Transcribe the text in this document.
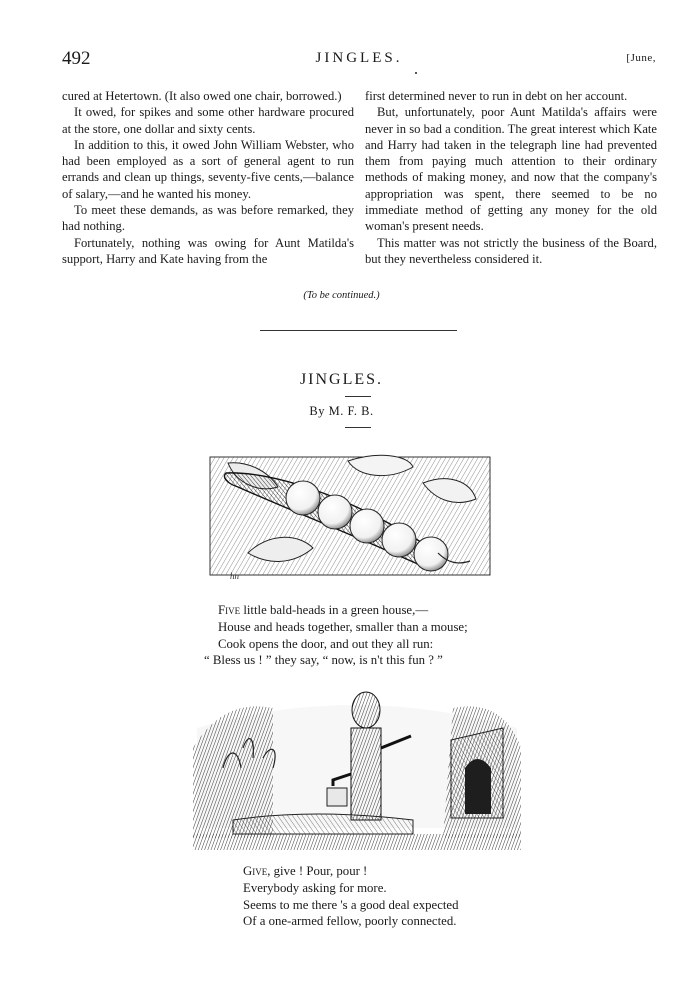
492	JINGLES.	[June,

cured at Hetertown. (It also owed one chair, borrowed.)

It owed, for spikes and some other hardware procured at the store, one dollar and sixty cents.

In addition to this, it owed John William Webster, who had been employed as a sort of general agent to run errands and clean up things, seventy-five cents,—balance of salary,—and he wanted his money.

To meet these demands, as was before remarked, they had nothing.

Fortunately, nothing was owing for Aunt Matilda's support, Harry and Kate having from the

first determined never to run in debt on her account.

But, unfortunately, poor Aunt Matilda's affairs were never in so bad a condition. The great interest which Kate and Harry had taken in the telegraph line had prevented them from paying much attention to their ordinary methods of making money, and now that the company's appropriation was spent, there seemed to be no immediate method of getting any money for the old woman's present needs.

This matter was not strictly the business of the Board, but they nevertheless considered it.

(To be continued.)
JINGLES.
By M. F. B.
hn
Five little bald-heads in a green house,—
House and heads together, smaller than a mouse;
Cook opens the door, and out they all run:
“ Bless us ! ” they say, “ now, is n't this fun ? ”
Give, give ! Pour, pour !
Everybody asking for more.
Seems to me there 's a good deal expected
Of a one-armed fellow, poorly connected.
